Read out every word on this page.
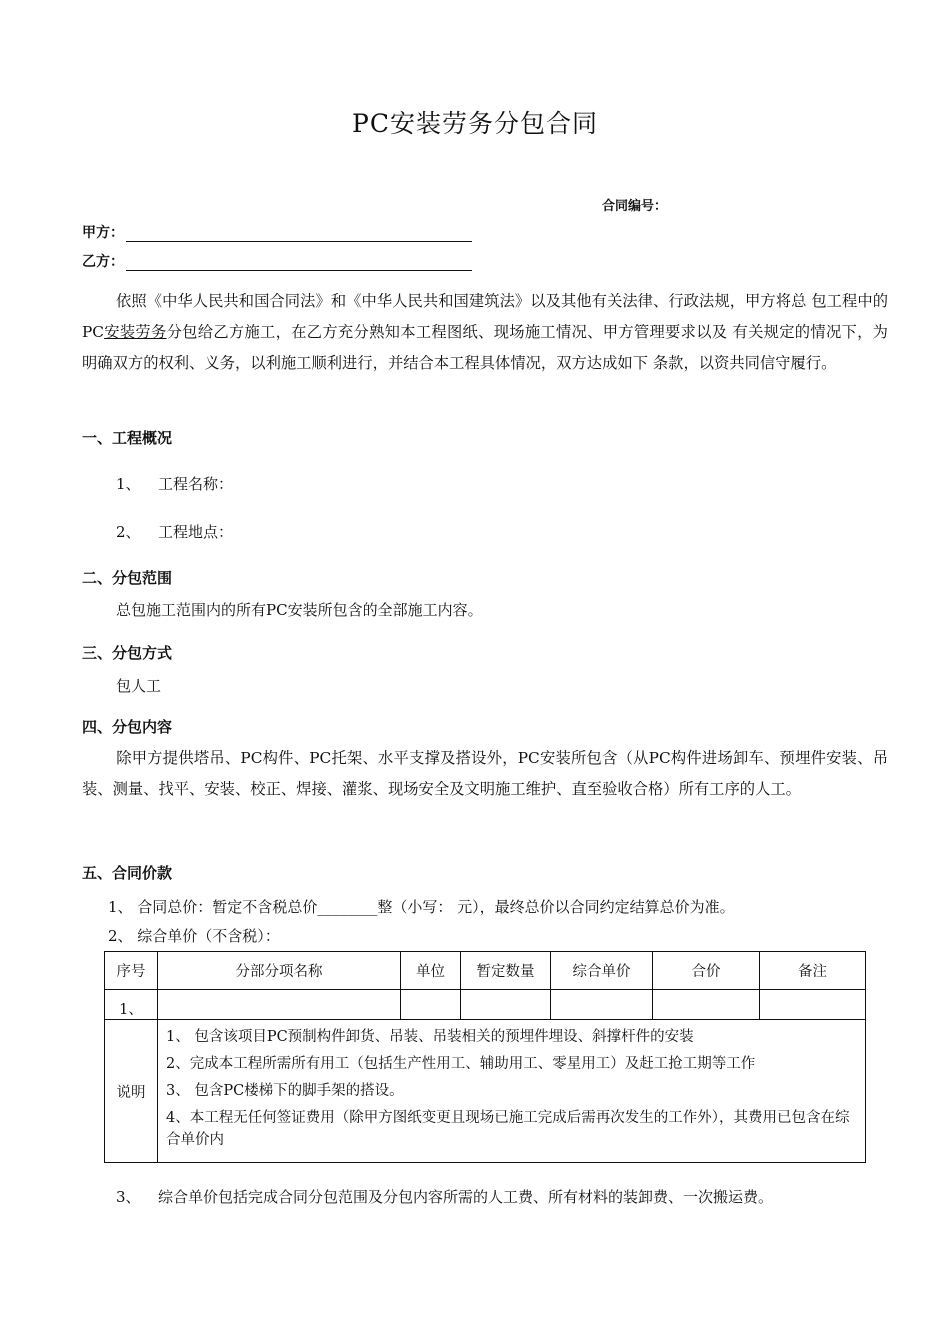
PC安装劳务分包合同
合同编号：
甲方：
乙方：
依照《中华人民共和国合同法》和《中华人民共和国建筑法》以及其他有关法律、行政法规，甲方将总 包工程中的PC安装劳务分包给乙方施工，在乙方充分熟知本工程图纸、现场施工情况、甲方管理要求以及 有关规定的情况下，为明确双方的权利、义务，以利施工顺利进行，并结合本工程具体情况，双方达成如下 条款，以资共同信守履行。
一、工程概况
1、 工程名称：
2、 工程地点：
二、分包范围
总包施工范围内的所有PC安装所包含的全部施工内容。
三、分包方式
包人工
四、分包内容
除甲方提供塔吊、PC构件、PC托架、水平支撑及搭设外，PC安装所包含（从PC构件进场卸车、预埋件安装、吊装、测量、找平、安装、校正、焊接、灌浆、现场安全及文明施工维护、直至验收合格）所有工序的人工。
五、合同价款
1、 合同总价：暂定不含税总价________整（小写： 元），最终总价以合同约定结算总价为准。
2、 综合单价（不含税）：
序号	分部分项名称	单位	暂定数量	综合单价	合价	备注
1、						
说明	1、 包含该项目PC预制构件卸货、吊装、吊装相关的预埋件埋设、斜撑杆件的安装
2、完成本工程所需所有用工（包括生产性用工、辅助用工、零星用工）及赶工抢工期等工作
3、 包含PC楼梯下的脚手架的搭设。
4、本工程无任何签证费用（除甲方图纸变更且现场已施工完成后需再次发生的工作外），其费用已包含在综合单价内					
3、 综合单价包括完成合同分包范围及分包内容所需的人工费、所有材料的装卸费、一次搬运费。
